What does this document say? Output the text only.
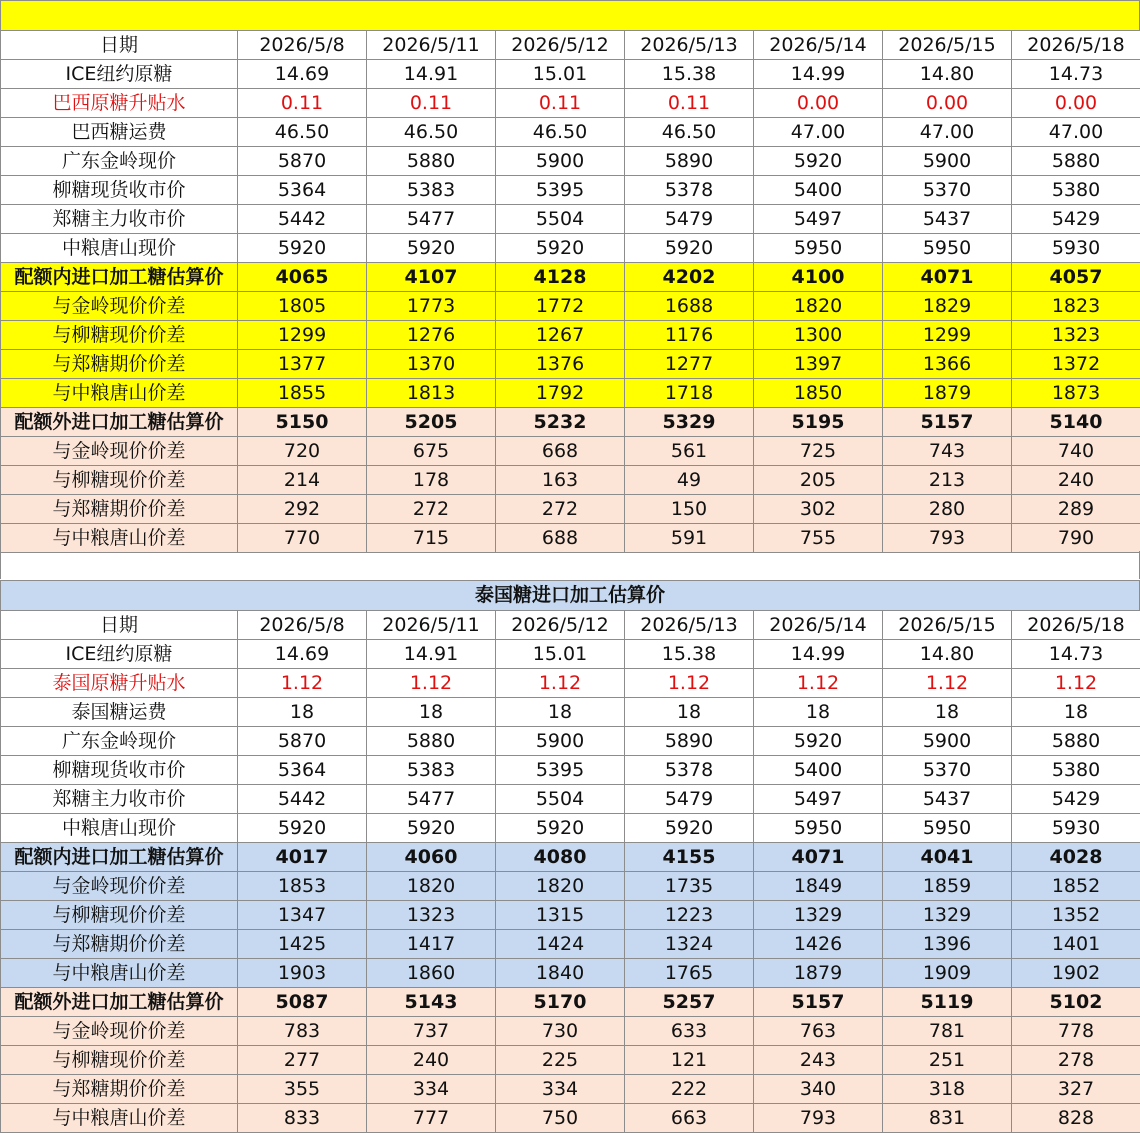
日期	2026/5/8	2026/5/11	2026/5/12	2026/5/13	2026/5/14	2026/5/15	2026/5/18
ICE纽约原糖	14.69	14.91	15.01	15.38	14.99	14.80	14.73
巴西原糖升贴水	0.11	0.11	0.11	0.11	0.00	0.00	0.00
巴西糖运费	46.50	46.50	46.50	46.50	47.00	47.00	47.00
广东金岭现价	5870	5880	5900	5890	5920	5900	5880
柳糖现货收市价	5364	5383	5395	5378	5400	5370	5380
郑糖主力收市价	5442	5477	5504	5479	5497	5437	5429
中粮唐山现价	5920	5920	5920	5920	5950	5950	5930
配额内进口加工糖估算价	4065	4107	4128	4202	4100	4071	4057
与金岭现价价差	1805	1773	1772	1688	1820	1829	1823
与柳糖现价价差	1299	1276	1267	1176	1300	1299	1323
与郑糖期价价差	1377	1370	1376	1277	1397	1366	1372
与中粮唐山价差	1855	1813	1792	1718	1850	1879	1873
配额外进口加工糖估算价	5150	5205	5232	5329	5195	5157	5140
与金岭现价价差	720	675	668	561	725	743	740
与柳糖现价价差	214	178	163	49	205	213	240
与郑糖期价价差	292	272	272	150	302	280	289
与中粮唐山价差	770	715	688	591	755	793	790
泰国糖进口加工估算价
日期	2026/5/8	2026/5/11	2026/5/12	2026/5/13	2026/5/14	2026/5/15	2026/5/18
ICE纽约原糖	14.69	14.91	15.01	15.38	14.99	14.80	14.73
泰国原糖升贴水	1.12	1.12	1.12	1.12	1.12	1.12	1.12
泰国糖运费	18	18	18	18	18	18	18
广东金岭现价	5870	5880	5900	5890	5920	5900	5880
柳糖现货收市价	5364	5383	5395	5378	5400	5370	5380
郑糖主力收市价	5442	5477	5504	5479	5497	5437	5429
中粮唐山现价	5920	5920	5920	5920	5950	5950	5930
配额内进口加工糖估算价	4017	4060	4080	4155	4071	4041	4028
与金岭现价价差	1853	1820	1820	1735	1849	1859	1852
与柳糖现价价差	1347	1323	1315	1223	1329	1329	1352
与郑糖期价价差	1425	1417	1424	1324	1426	1396	1401
与中粮唐山价差	1903	1860	1840	1765	1879	1909	1902
配额外进口加工糖估算价	5087	5143	5170	5257	5157	5119	5102
与金岭现价价差	783	737	730	633	763	781	778
与柳糖现价价差	277	240	225	121	243	251	278
与郑糖期价价差	355	334	334	222	340	318	327
与中粮唐山价差	833	777	750	663	793	831	828
